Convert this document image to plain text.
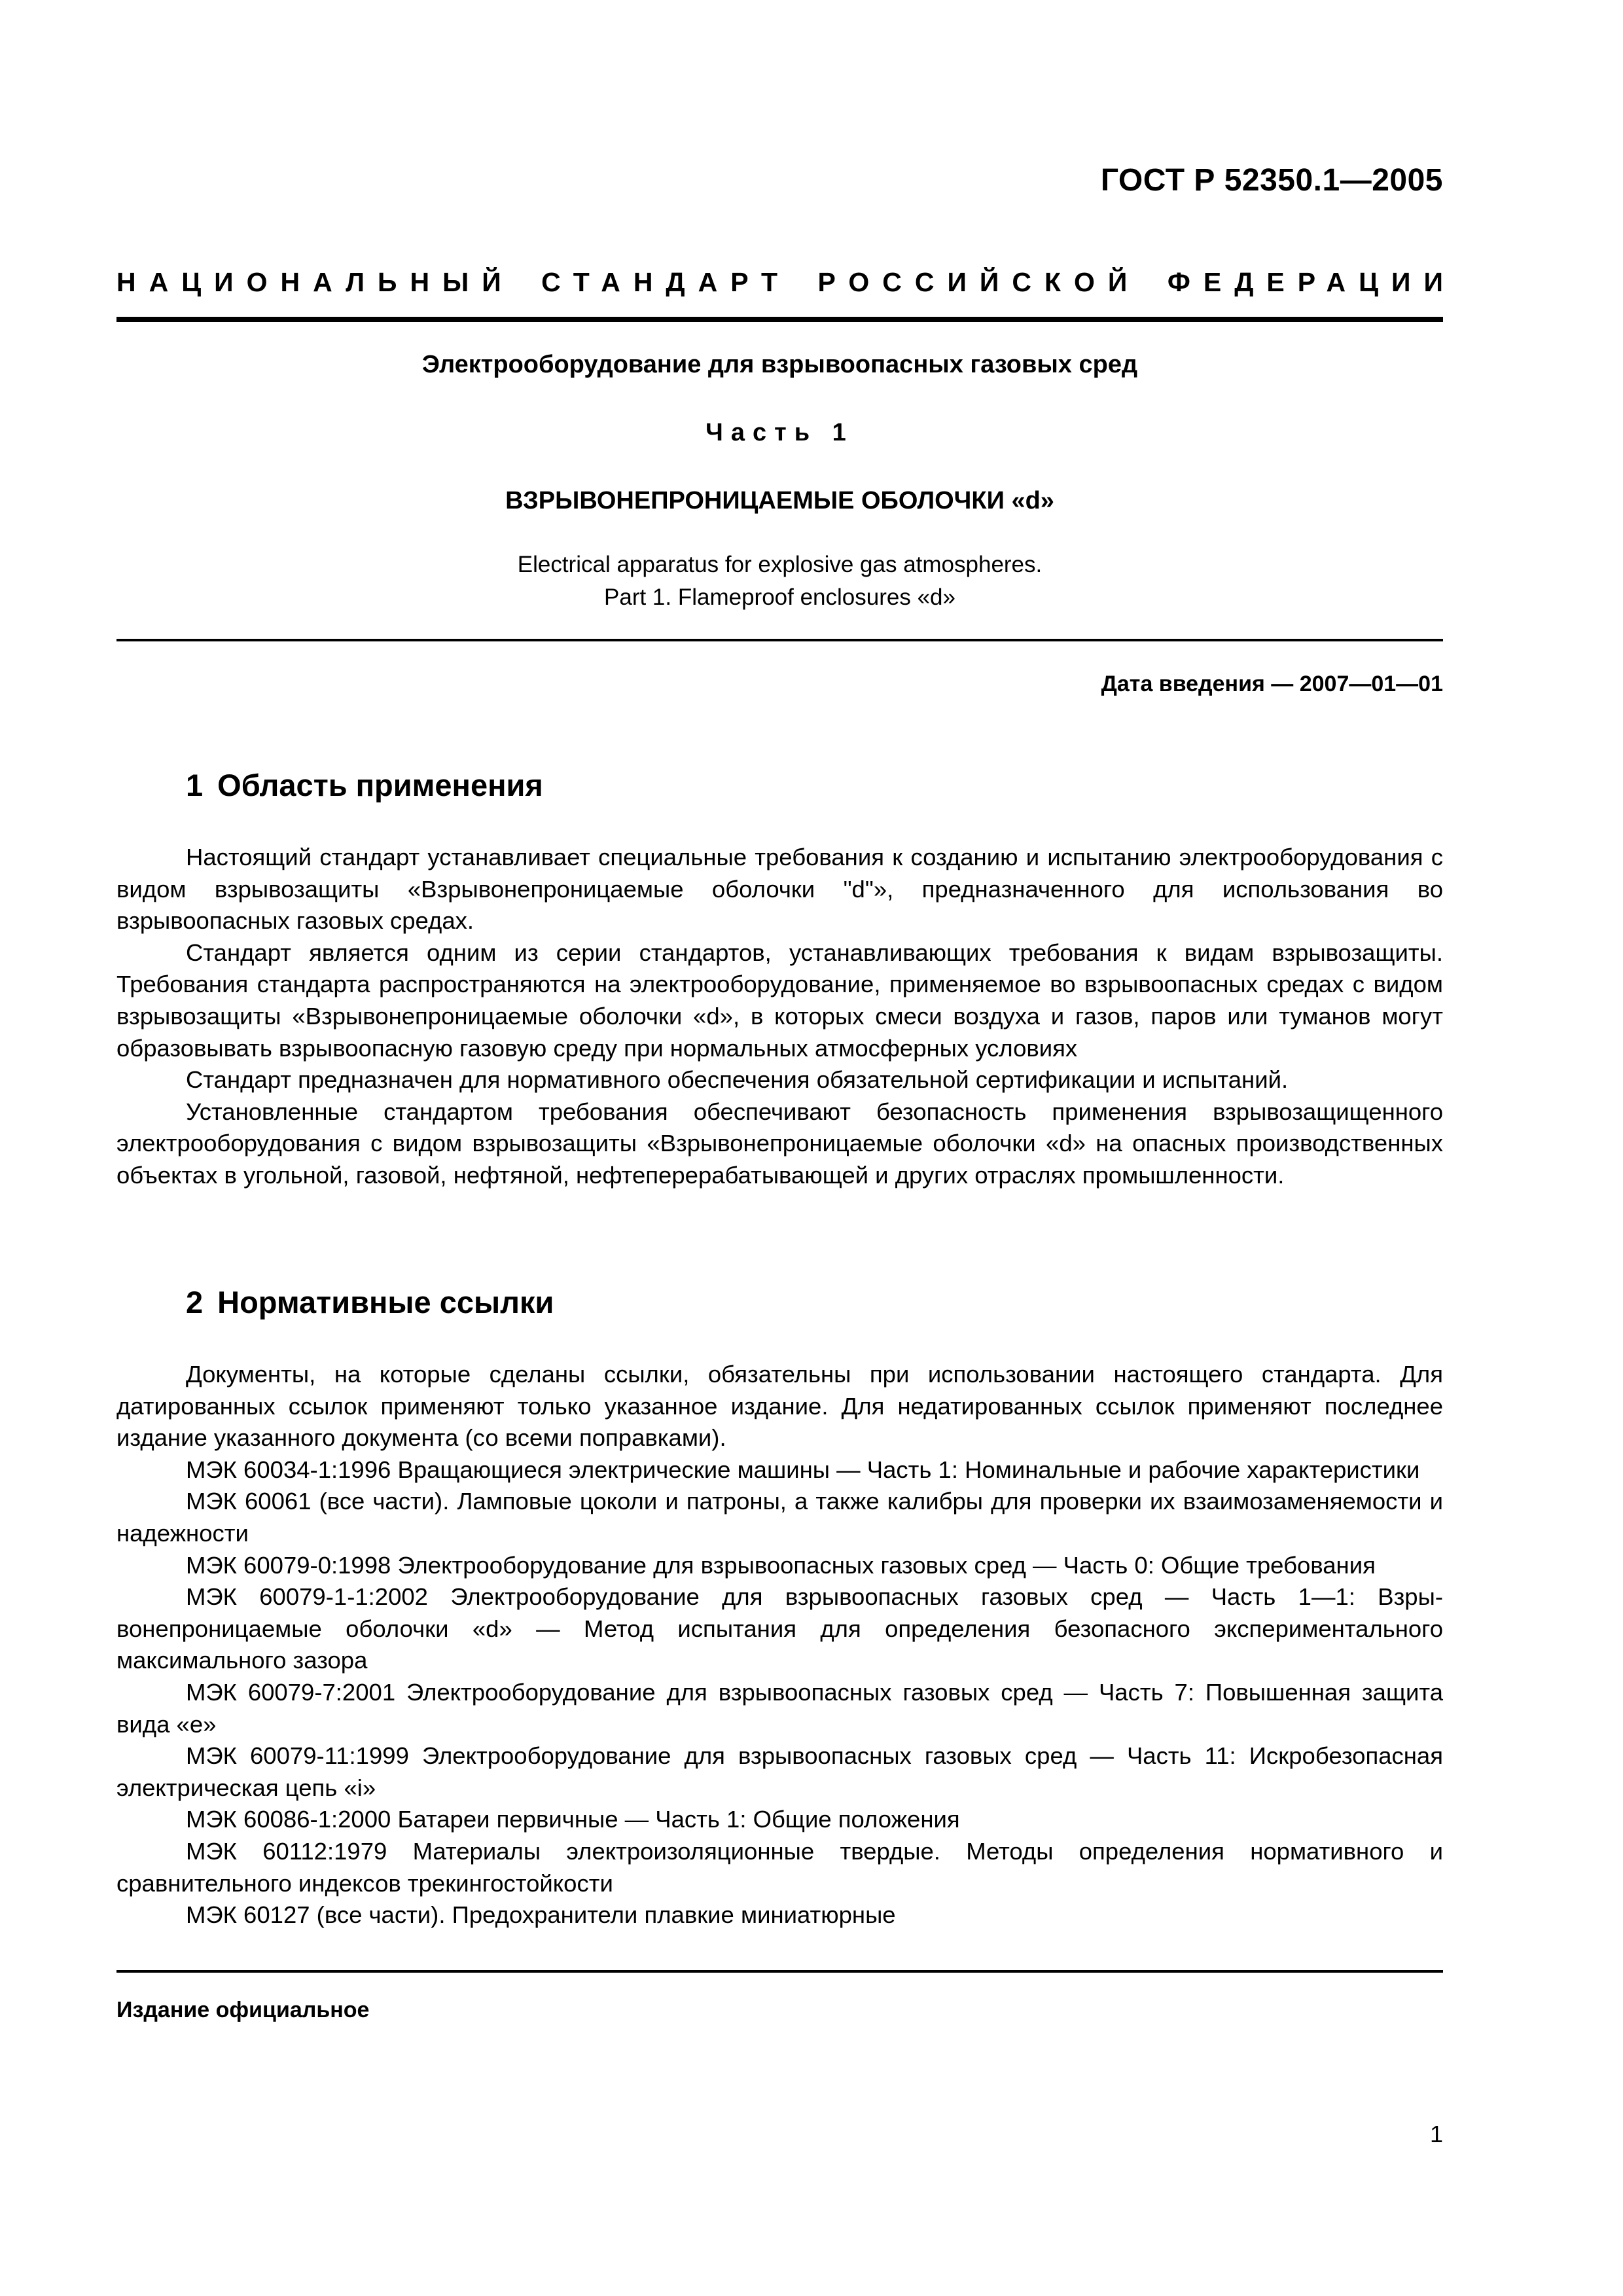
ГОСТ Р 52350.1—2005
НАЦИОНАЛЬНЫЙ СТАНДАРТ РОССИЙСКОЙ ФЕДЕРАЦИИ
Электрооборудование для взрывоопасных газовых сред
Часть 1
ВЗРЫВОНЕПРОНИЦАЕМЫЕ ОБОЛОЧКИ «d»
Electrical apparatus for explosive gas atmospheres.
Part 1. Flameproof enclosures «d»
Дата введения — 2007—01—01
1 Область применения

Настоящий стандарт устанавливает специальные требования к созданию и испытанию электрооборудования с видом взрывозащиты «Взрывонепроницаемые оболочки "d"», предназначенного для использования во взрывоопасных газовых средах.

Стандарт является одним из серии стандартов, устанавливающих требования к видам взрывозащиты. Требования стандарта распространяются на электрооборудование, применяемое во взрывоопасных средах с видом взрывозащиты «Взрывонепроницаемые оболочки «d», в которых смеси воздуха и газов, паров или туманов могут образовывать взрывоопасную газовую среду при нормальных атмосферных условиях

Стандарт предназначен для нормативного обеспечения обязательной сертификации и испытаний.

Установленные стандартом требования обеспечивают безопасность применения взрывозащищенного электрооборудования с видом взрывозащиты «Взрывонепроницаемые оболочки «d» на опасных производственных объектах в угольной, газовой, нефтяной, нефтеперерабатывающей и других отраслях промышленности.

2 Нормативные ссылки

Документы, на которые сделаны ссылки, обязательны при использовании настоящего стандарта. Для датированных ссылок применяют только указанное издание. Для недатированных ссылок применяют последнее издание указанного документа (со всеми поправками).

МЭК 60034-1:1996 Вращающиеся электрические машины — Часть 1: Номинальные и рабочие характеристики

МЭК 60061 (все части). Ламповые цоколи и патроны, а также калибры для проверки их взаимозаменяемости и надежности

МЭК 60079-0:1998 Электрооборудование для взрывоопасных газовых сред — Часть 0: Общие требования

МЭК 60079-1-1:2002 Электрооборудование для взрывоопасных газовых сред — Часть 1—1: Взрывонепроницаемые оболочки «d» — Метод испытания для определения безопасного экспериментального максимального зазора

МЭК 60079-7:2001 Электрооборудование для взрывоопасных газовых сред — Часть 7: Повышенная защита вида «е»

МЭК 60079-11:1999 Электрооборудование для взрывоопасных газовых сред — Часть 11: Искробезопасная электрическая цепь «i»

МЭК 60086-1:2000 Батареи первичные — Часть 1: Общие положения

МЭК 60112:1979 Материалы электроизоляционные твердые. Методы определения нормативного и сравнительного индексов трекингостойкости

МЭК 60127 (все части). Предохранители плавкие миниатюрные

Издание официальное
1
